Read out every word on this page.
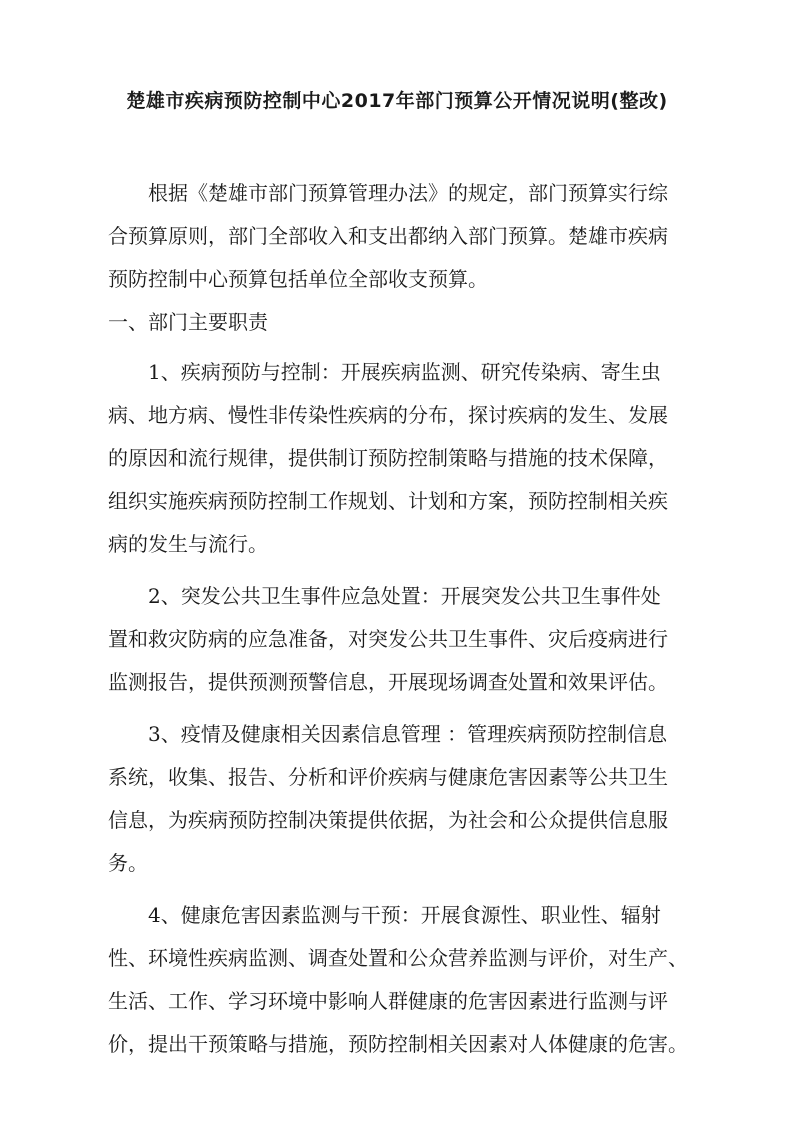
楚雄市疾病预防控制中心2017年部门预算公开情况说明(整改)
根据《楚雄市部门预算管理办法》的规定，部门预算实行综
合预算原则，部门全部收入和支出都纳入部门预算。楚雄市疾病
预防控制中心预算包括单位全部收支预算。
一、部门主要职责
1、疾病预防与控制：开展疾病监测、研究传染病、寄生虫
病、地方病、慢性非传染性疾病的分布，探讨疾病的发生、发展
的原因和流行规律，提供制订预防控制策略与措施的技术保障，
组织实施疾病预防控制工作规划、计划和方案，预防控制相关疾
病的发生与流行。
2、突发公共卫生事件应急处置：开展突发公共卫生事件处
置和救灾防病的应急准备，对突发公共卫生事件、灾后疫病进行
监测报告，提供预测预警信息，开展现场调查处置和效果评估。
3、疫情及健康相关因素信息管理 ：管理疾病预防控制信息
系统，收集、报告、分析和评价疾病与健康危害因素等公共卫生
信息，为疾病预防控制决策提供依据，为社会和公众提供信息服
务。
4、健康危害因素监测与干预：开展食源性、职业性、辐射
性、环境性疾病监测、调查处置和公众营养监测与评价，对生产、
生活、工作、学习环境中影响人群健康的危害因素进行监测与评
价，提出干预策略与措施，预防控制相关因素对人体健康的危害。
